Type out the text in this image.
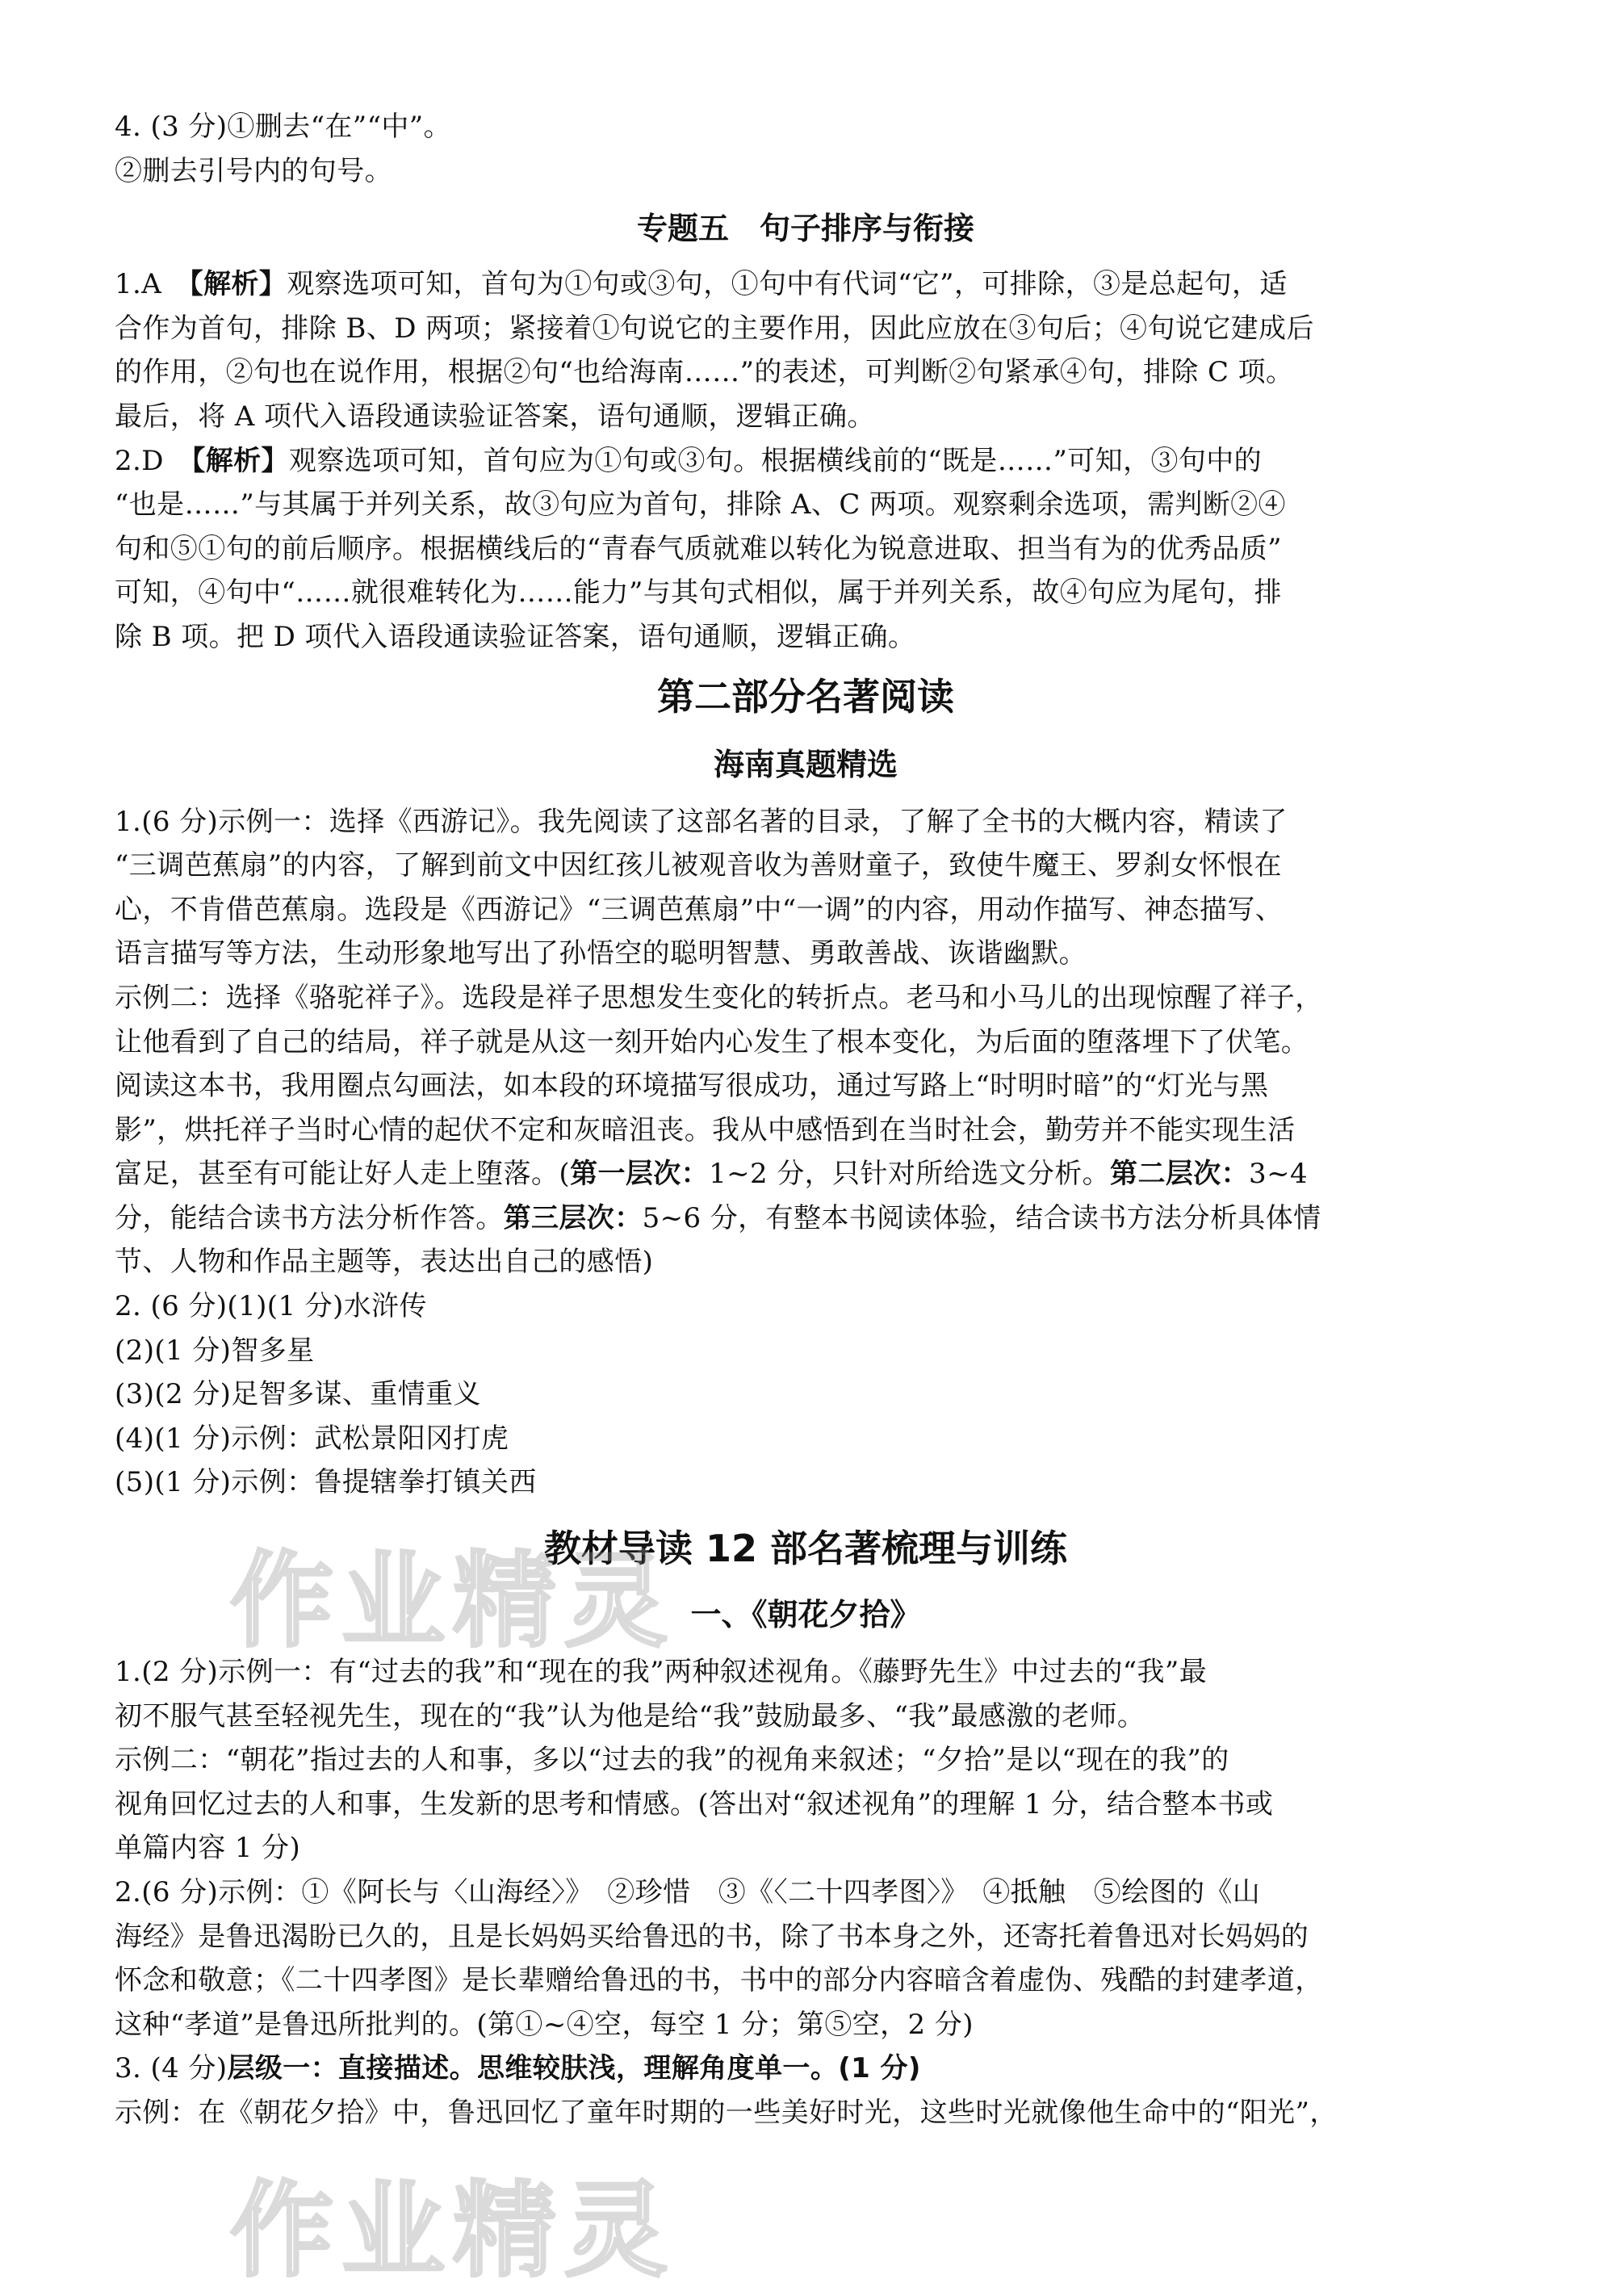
4. (3 分)①删去“在”“中”。

②删去引号内的句号。

专题五　句子排序与衔接

1.A　【解析】观察选项可知，首句为①句或③句，①句中有代词“它”，可排除，③是总起句，适

合作为首句，排除 B、D 两项；紧接着①句说它的主要作用，因此应放在③句后；④句说它建成后

的作用，②句也在说作用，根据②句“也给海南……”的表述，可判断②句紧承④句，排除 C 项。

最后，将 A 项代入语段通读验证答案，语句通顺，逻辑正确。

2.D　【解析】观察选项可知，首句应为①句或③句。根据横线前的“既是……”可知，③句中的

“也是……”与其属于并列关系，故③句应为首句，排除 A、C 两项。观察剩余选项，需判断②④

句和⑤①句的前后顺序。根据横线后的“青春气质就难以转化为锐意进取、担当有为的优秀品质”

可知，④句中“……就很难转化为……能力”与其句式相似，属于并列关系，故④句应为尾句，排

除 B 项。把 D 项代入语段通读验证答案，语句通顺，逻辑正确。

第二部分名著阅读
海南真题精选

1.(6 分)示例一：选择《西游记》。我先阅读了这部名著的目录，了解了全书的大概内容，精读了

“三调芭蕉扇”的内容，了解到前文中因红孩儿被观音收为善财童子，致使牛魔王、罗刹女怀恨在

心，不肯借芭蕉扇。选段是《西游记》“三调芭蕉扇”中“一调”的内容，用动作描写、神态描写、

语言描写等方法，生动形象地写出了孙悟空的聪明智慧、勇敢善战、诙谐幽默。

示例二：选择《骆驼祥子》。选段是祥子思想发生变化的转折点。老马和小马儿的出现惊醒了祥子，

让他看到了自己的结局，祥子就是从这一刻开始内心发生了根本变化，为后面的堕落埋下了伏笔。

阅读这本书，我用圈点勾画法，如本段的环境描写很成功，通过写路上“时明时暗”的“灯光与黑

影”，烘托祥子当时心情的起伏不定和灰暗沮丧。我从中感悟到在当时社会，勤劳并不能实现生活

富足，甚至有可能让好人走上堕落。(第一层次：1~2 分，只针对所给选文分析。第二层次：3~4

分，能结合读书方法分析作答。第三层次：5~6 分，有整本书阅读体验，结合读书方法分析具体情

节、人物和作品主题等，表达出自己的感悟)

2. (6 分)(1)(1 分)水浒传

(2)(1 分)智多星

(3)(2 分)足智多谋、重情重义

(4)(1 分)示例：武松景阳冈打虎

(5)(1 分)示例：鲁提辖拳打镇关西

教材导读 12 部名著梳理与训练
一、《朝花夕拾》

1.(2 分)示例一：有“过去的我”和“现在的我”两种叙述视角。《藤野先生》中过去的“我”最

初不服气甚至轻视先生，现在的“我”认为他是给“我”鼓励最多、“我”最感激的老师。

示例二：“朝花”指过去的人和事，多以“过去的我”的视角来叙述；“夕拾”是以“现在的我”的

视角回忆过去的人和事，生发新的思考和情感。(答出对“叙述视角”的理解 1 分，结合整本书或

单篇内容 1 分)

2.(6 分)示例：①《阿长与〈山海经〉》　②珍惜　③《〈二十四孝图〉》　④抵触　⑤绘图的《山

海经》是鲁迅渴盼已久的，且是长妈妈买给鲁迅的书，除了书本身之外，还寄托着鲁迅对长妈妈的

怀念和敬意；《二十四孝图》是长辈赠给鲁迅的书，书中的部分内容暗含着虚伪、残酷的封建孝道，

这种“孝道”是鲁迅所批判的。(第①~④空，每空 1 分；第⑤空，2 分)

3. (4 分)层级一：直接描述。思维较肤浅，理解角度单一。(1 分)

示例：在《朝花夕拾》中，鲁迅回忆了童年时期的一些美好时光，这些时光就像他生命中的“阳光”，

作业精灵
作业精灵
